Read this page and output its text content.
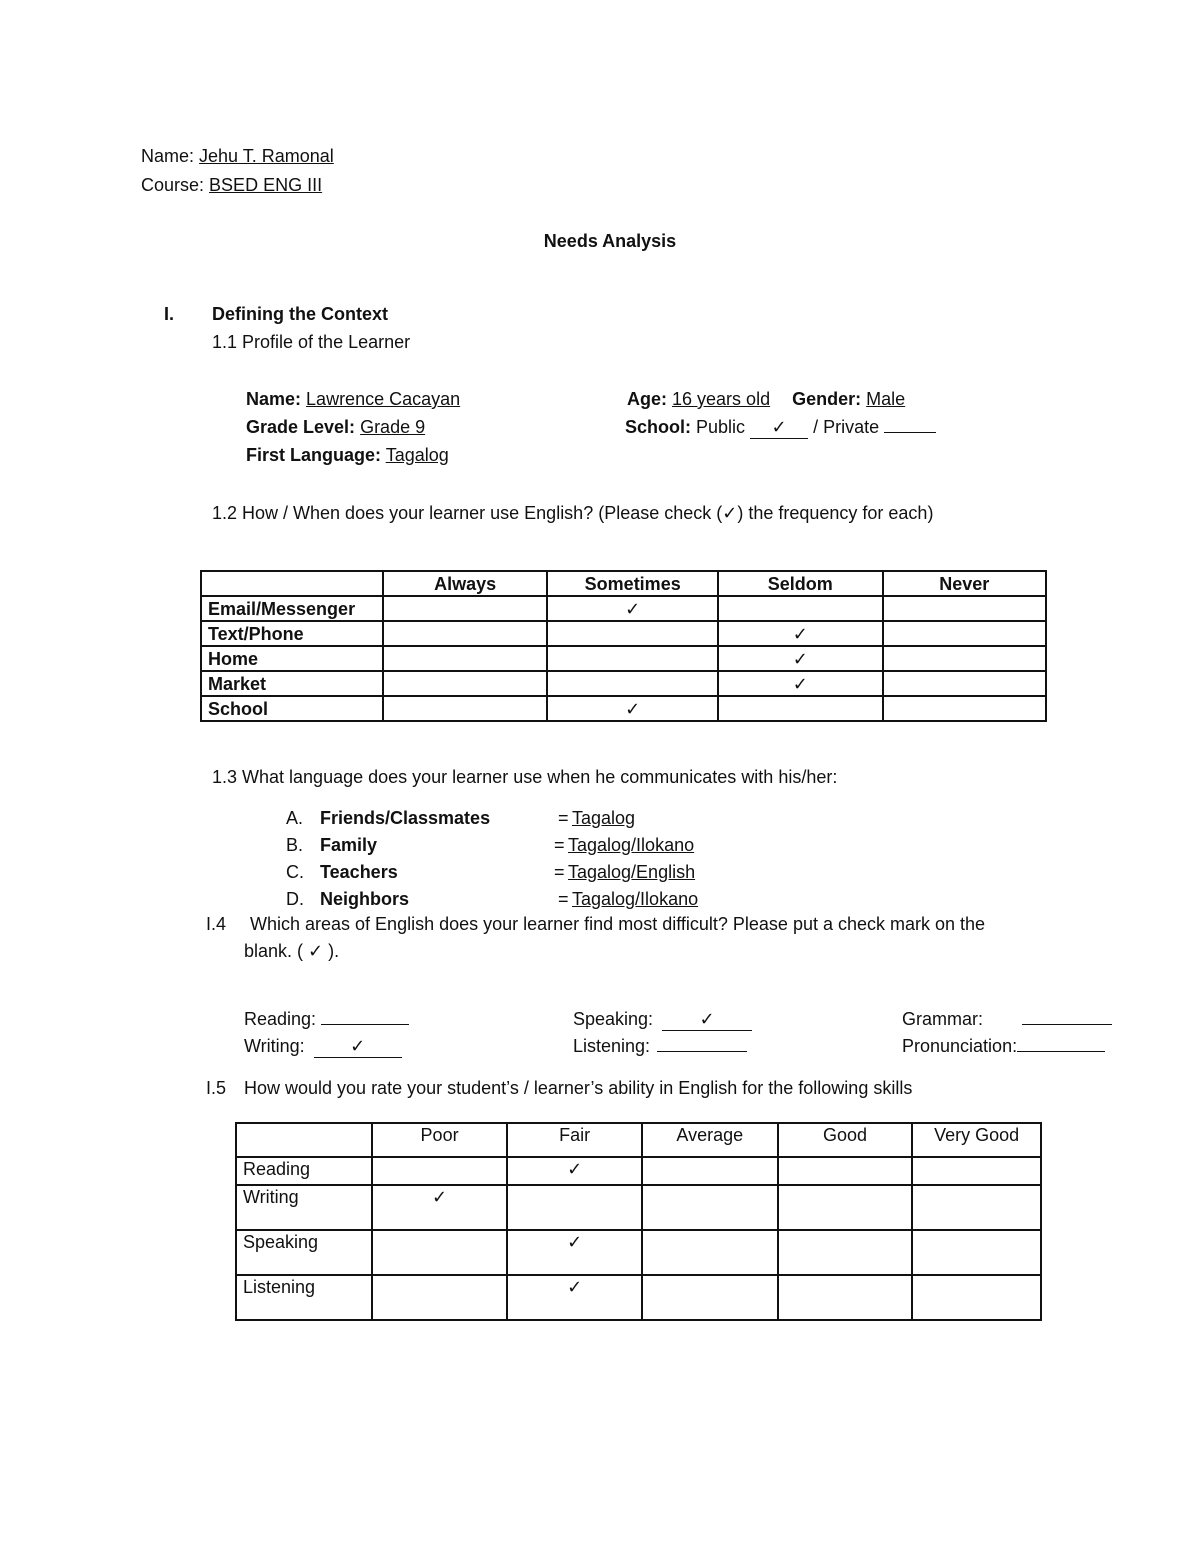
Name: Jehu T. Ramonal
Course: BSED ENG III
Needs Analysis
I. Defining the Context
1.1 Profile of the Learner
Name: Lawrence Cacayan	Age: 16 years old Gender: Male
Grade Level: Grade 9	School: Public ✓ / Private
First Language: Tagalog
1.2 How / When does your learner use English? (Please check (✓) the frequency for each)
	Always	Sometimes	Seldom	Never
Email/Messenger		✓		
Text/Phone			✓	
Home			✓	
Market			✓	
School		✓		
1.3 What language does your learner use when he communicates with his/her:
A. Friends/Classmates	= Tagalog
B. Family	= Tagalog/Ilokano
C. Teachers	= Tagalog/English
D. Neighbors	= Tagalog/Ilokano
I.4 Which areas of English does your learner find most difficult? Please put a check mark on the
blank. ( ✓ ).
Reading:
Writing:	✓
Speaking:	✓
Listening:
Grammar:
Pronunciation:
I.5 How would you rate your student’s / learner’s ability in English for the following skills
	Poor	Fair	Average	Good	Very Good
Reading		✓			
Writing	✓				
Speaking		✓			
Listening		✓			
